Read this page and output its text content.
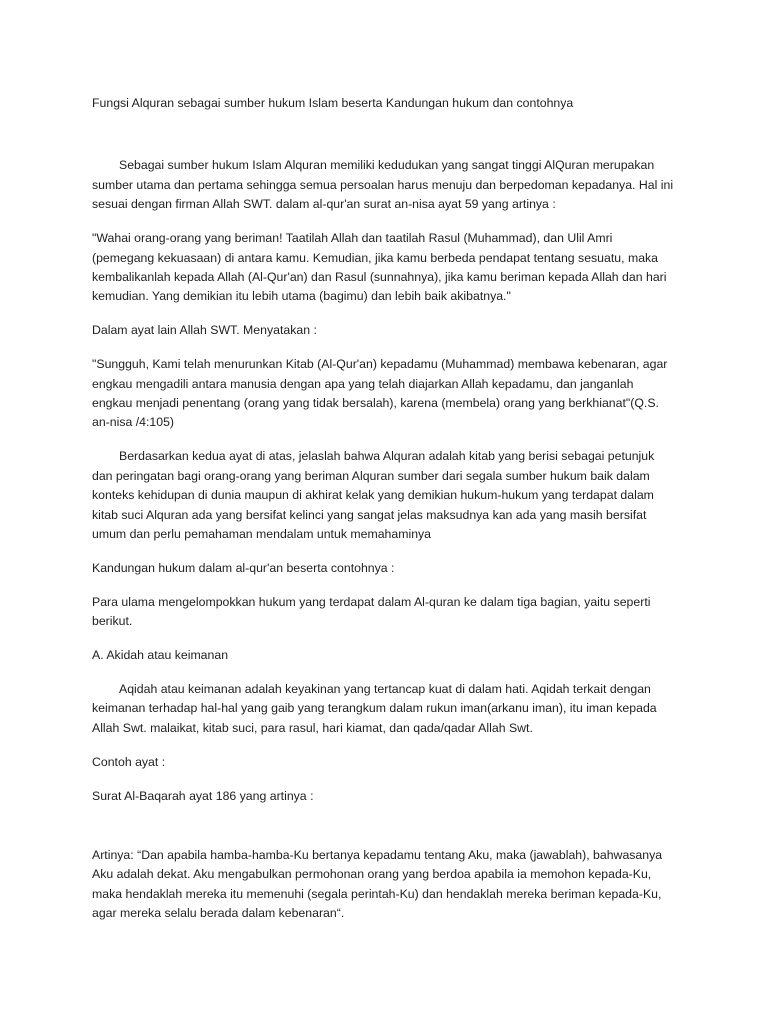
Fungsi Alquran sebagai sumber hukum Islam beserta Kandungan hukum dan contohnya

Sebagai sumber hukum Islam Alquran memiliki kedudukan yang sangat tinggi AlQuran merupakan sumber utama dan pertama sehingga semua persoalan harus menuju dan berpedoman kepadanya. Hal ini sesuai dengan firman Allah SWT. dalam al-qur'an surat an-nisa ayat 59 yang artinya :

"Wahai orang-orang yang beriman! Taatilah Allah dan taatilah Rasul (Muhammad), dan Ulil Amri (pemegang kekuasaan) di antara kamu. Kemudian, jika kamu berbeda pendapat tentang sesuatu, maka kembalikanlah kepada Allah (Al-Qur'an) dan Rasul (sunnahnya), jika kamu beriman kepada Allah dan hari kemudian. Yang demikian itu lebih utama (bagimu) dan lebih baik akibatnya."

Dalam ayat lain Allah SWT. Menyatakan :

"Sungguh, Kami telah menurunkan Kitab (Al-Qur'an) kepadamu (Muhammad) membawa kebenaran, agar engkau mengadili antara manusia dengan apa yang telah diajarkan Allah kepadamu, dan janganlah engkau menjadi penentang (orang yang tidak bersalah), karena (membela) orang yang berkhianat"(Q.S. an-nisa /4:105)

Berdasarkan kedua ayat di atas, jelaslah bahwa Alquran adalah kitab yang berisi sebagai petunjuk dan peringatan bagi orang-orang yang beriman Alquran sumber dari segala sumber hukum baik dalam konteks kehidupan di dunia maupun di akhirat kelak yang demikian hukum-hukum yang terdapat dalam kitab suci Alquran ada yang bersifat kelinci yang sangat jelas maksudnya kan ada yang masih bersifat umum dan perlu pemahaman mendalam untuk memahaminya

Kandungan hukum dalam al-qur'an beserta contohnya :

Para ulama mengelompokkan hukum yang terdapat dalam Al-quran ke dalam tiga bagian, yaitu seperti berikut.

A. Akidah atau keimanan

Aqidah atau keimanan adalah keyakinan yang tertancap kuat di dalam hati. Aqidah terkait dengan keimanan terhadap hal-hal yang gaib yang terangkum dalam rukun iman(arkanu iman), itu iman kepada Allah Swt. malaikat, kitab suci, para rasul, hari kiamat, dan qada/qadar Allah Swt.

Contoh ayat :

Surat Al-Baqarah ayat 186 yang artinya :

Artinya: “Dan apabila hamba-hamba-Ku bertanya kepadamu tentang Aku, maka (jawablah), bahwasanya Aku adalah dekat. Aku mengabulkan permohonan orang yang berdoa apabila ia memohon kepada-Ku, maka hendaklah mereka itu memenuhi (segala perintah-Ku) dan hendaklah mereka beriman kepada-Ku, agar mereka selalu berada dalam kebenaran“.
